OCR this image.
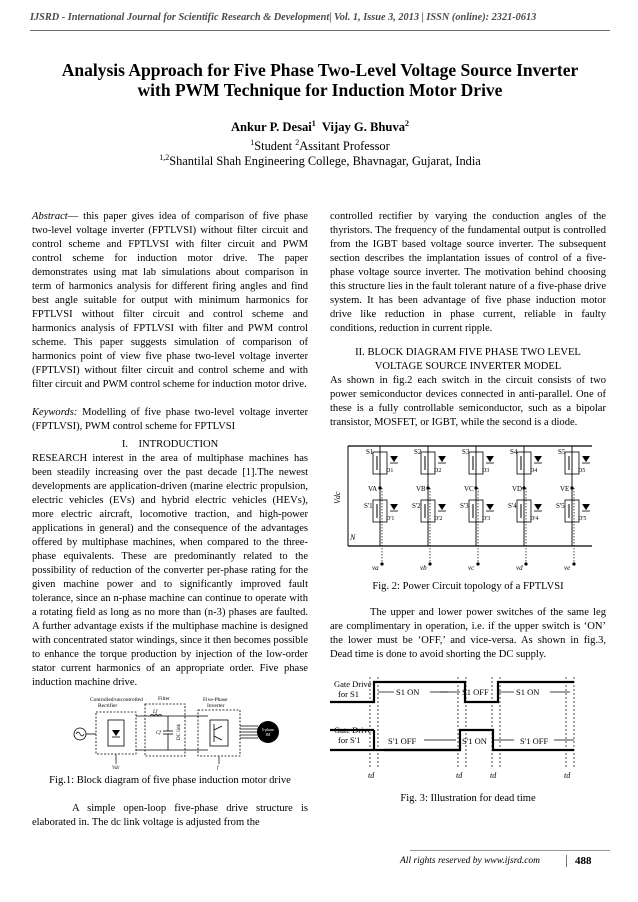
IJSRD - International Journal for Scientific Research & Development| Vol. 1, Issue 3, 2013 | ISSN (online): 2321-0613
Analysis Approach for Five Phase Two-Level Voltage Source Inverter
with PWM Technique for Induction Motor Drive
Ankur P. Desai$^1$ Vijay G. Bhuva$^2$
$^1$Student $^2$Assitant Professor
$^{1,2}$Shantilal Shah Engineering College, Bhavnagar, Gujarat, India

Abstract— this paper gives idea of comparison of five phase two-level voltage inverter (FPTLVSI) without filter circuit and control scheme and FPTLVSI with filter circuit and PWM control scheme for induction motor drive. The paper demonstrates using mat lab simulations about comparison in term of harmonics analysis for different firing angles and find best angle suitable for output with minimum harmonics for FPTLVSI without filter circuit and control scheme and harmonics analysis of FPTLVSI with filter and PWM control scheme. This paper suggests simulation of comparison of harmonics point of view five phase two-level voltage inverter (FPTLVSI) without filter circuit and control scheme and with filter circuit and PWM control scheme for induction motor drive.

Keywords: Modelling of five phase two-level voltage inverter (FPTLVSI), PWM control scheme for FPTLVSI

I.    INTRODUCTION

RESEARCH interest in the area of multiphase machines has been steadily increasing over the past decade [1].The newest developments are application-driven (marine electric propulsion, electric vehicles (EVs) and hybrid electric vehicles (HEVs), more electric aircraft, locomotive traction, and high-power applications in general) and the consequence of the advantages offered by multiphase machines, when compared to the three-phase equivalents. These are predominantly related to the possibility of reduction of the converter per-phase rating for the given machine power and to significantly improved fault tolerance, since an n-phase machine can continue to operate with a rotating field as long as no more than (n-3) phases are faulted. A further advantage exists if the multiphase machine is designed with concentrated stator windings, since it then becomes possible to enhance the torque production by injection of the low-order stator current harmonics of an appropriate order. Five phase induction machine drive.

Controlled/uncontrolled
Rectifier
Filter	Five-Phase
Inverter
Lf
Cf	DC link	5-phase
IM
Vdc	f

Fig.1: Block diagram of five phase induction motor drive

A simple open-loop five-phase drive structure is elaborated in. The dc link voltage is adjusted from the

controlled rectifier by varying the conduction angles of the thyristors. The frequency of the fundamental output is controlled from the IGBT based voltage source inverter. The subsequent section describes the implantation issues of control of a five-phase voltage source inverter. The motivation behind choosing this structure lies in the fault tolerant nature of a five-phase drive system. It has been advantage of five phase induction motor drive like reduction in phase current, reliable in faulty conditions, reduction in current ripple.

II. BLOCK DIAGRAM FIVE PHASE TWO LEVEL
VOLTAGE SOURCE INVERTER MODEL

As shown in fig.2 each switch in the circuit consists of two power semiconductor devices connected in anti-parallel. One of these is a fully controllable semiconductor, such as a bipolar transistor, MOSFET, or IGBT, while the second is a diode.

Vdc
N
S1
D1
VA
S'1
D'1
va
S2
D2
VB
S'2
D'2
vb
S3
D3
VC
S'3
D'3
vc
S4
D4
VD
S'4
D'4
vd
S5
D5
VE
S'5
D'5
ve

Fig. 2: Power Circuit topology of a FPTLVSI

The upper and lower power switches of the same leg are complimentary in operation, i.e. if the upper switch is ‘ON’ the lower must be ‘OFF,’ and vice-versa. As shown in fig.3, Dead time is done to avoid shorting the DC supply.

Gate Drive
for S1
Gate Drive
for S'1
S1 ON	S1 OFF	S1 ON
S'1 OFF	S'1 ON	S'1 OFF
td	td	td	td

Fig. 3: Illustration for dead time

All rights reserved by www.ijsrd.com	488
